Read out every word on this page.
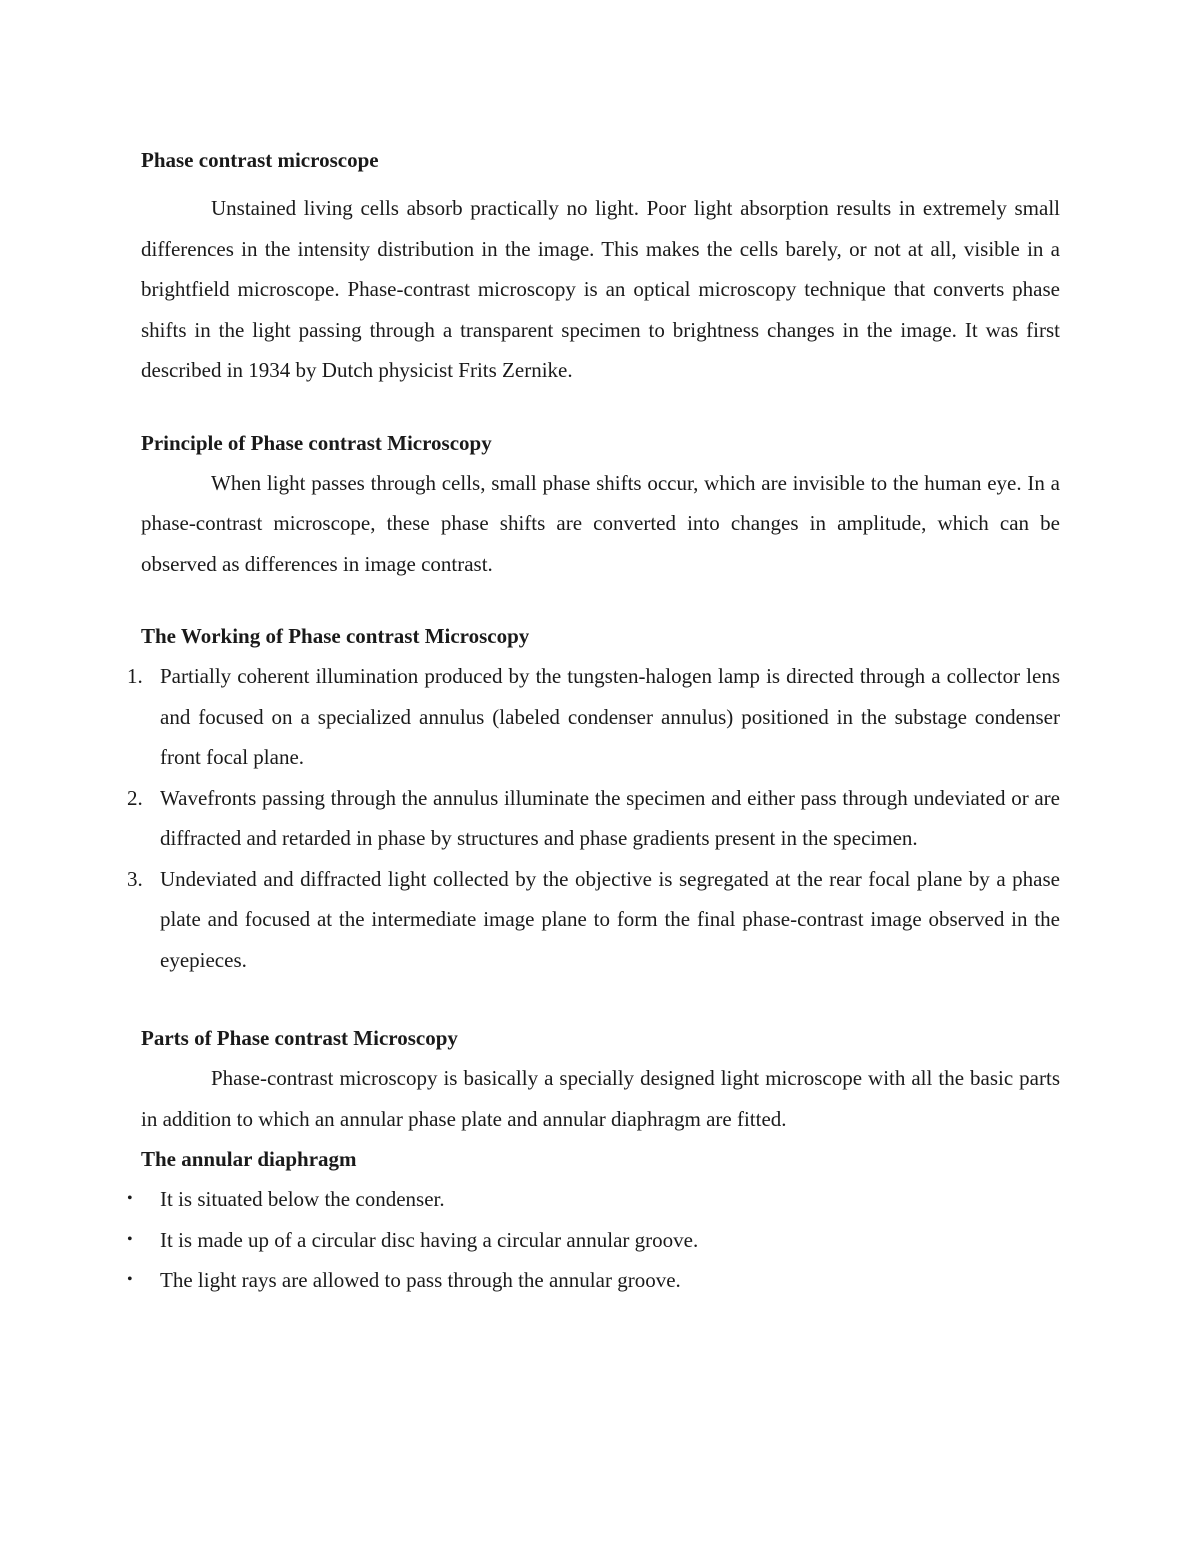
Phase contrast microscope

Unstained living cells absorb practically no light. Poor light absorption results in extremely small differences in the intensity distribution in the image. This makes the cells barely, or not at all, visible in a brightfield microscope. Phase-contrast microscopy is an optical microscopy technique that converts phase shifts in the light passing through a transparent specimen to brightness changes in the image. It was first described in 1934 by Dutch physicist Frits Zernike.

Principle of Phase contrast Microscopy

When light passes through cells, small phase shifts occur, which are invisible to the human eye. In a phase-contrast microscope, these phase shifts are converted into changes in amplitude, which can be observed as differences in image contrast.

The Working of Phase contrast Microscopy
1. Partially coherent illumination produced by the tungsten-halogen lamp is directed through a collector lens and focused on a specialized annulus (labeled condenser annulus) positioned in the substage condenser front focal plane.
2. Wavefronts passing through the annulus illuminate the specimen and either pass through undeviated or are diffracted and retarded in phase by structures and phase gradients present in the specimen.
3. Undeviated and diffracted light collected by the objective is segregated at the rear focal plane by a phase plate and focused at the intermediate image plane to form the final phase-contrast image observed in the eyepieces.
Parts of Phase contrast Microscopy

Phase-contrast microscopy is basically a specially designed light microscope with all the basic parts in addition to which an annular phase plate and annular diaphragm are fitted.

The annular diaphragm
• It is situated below the condenser.
• It is made up of a circular disc having a circular annular groove.
• The light rays are allowed to pass through the annular groove.
